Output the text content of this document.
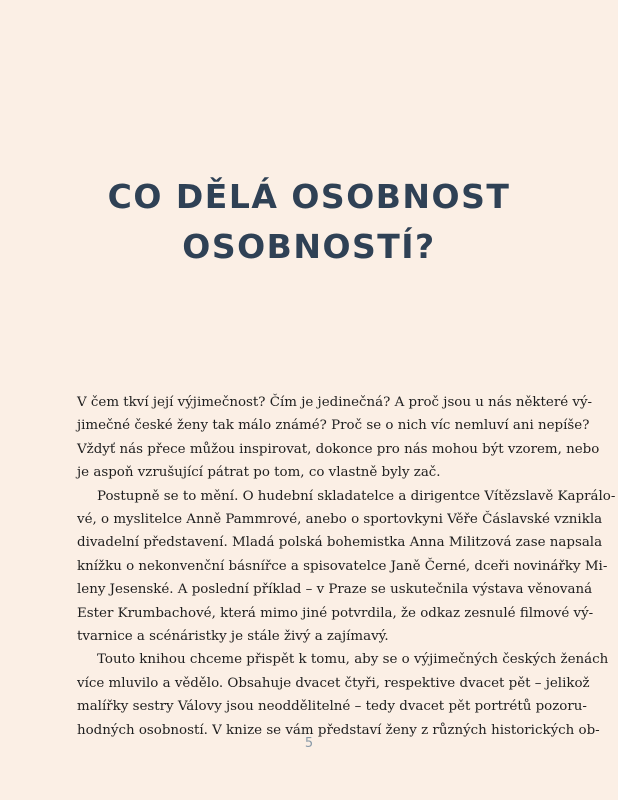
CO DĚLÁ OSOBNOST
OSOBNOSTÍ?
V čem tkví její výjimečnost? Čím je jedinečná? A proč jsou u nás některé vý-
jimečné české ženy tak málo známé? Proč se o nich víc nemluví ani nepíše?
Vždyť nás přece můžou inspirovat, dokonce pro nás mohou být vzorem, nebo
je aspoň vzrušující pátrat po tom, co vlastně byly zač.
Postupně se to mění. O hudební skladatelce a dirigentce Vítězslavě Kaprálo-
vé, o myslitelce Anně Pammrové, anebo o sportovkyni Věře Čáslavské vznikla
divadelní představení. Mladá polská bohemistka Anna Militzová zase napsala
knížku o nekonvenční básnířce a spisovatelce Janě Černé, dceři novinářky Mi-
leny Jesenské. A poslední příklad – v Praze se uskutečnila výstava věnovaná
Ester Krumbachové, která mimo jiné potvrdila, že odkaz zesnulé filmové vý-
tvarnice a scénáristky je stále živý a zajímavý.
Touto knihou chceme přispět k tomu, aby se o výjimečných českých ženách
více mluvilo a vědělo. Obsahuje dvacet čtyři, respektive dvacet pět – jelikož
malířky sestry Válovy jsou neoddělitelné – tedy dvacet pět portrétů pozoru-
hodných osobností. V knize se vám představí ženy z různých historických ob-
5
